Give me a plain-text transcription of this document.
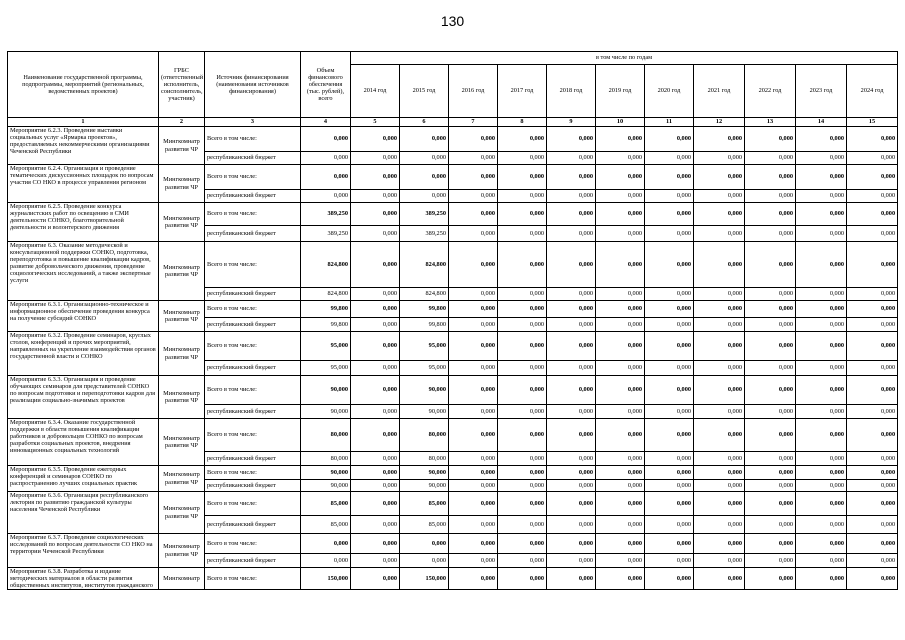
130
Наименование государственной программы, подпрограммы, мероприятий (региональных, ведомственных проектов)	ГРБС (ответственный исполнитель, соисполнитель, участник)	Источник финансирования (наименования источников финансирования)	Объем финансового обеспечения (тыс. рублей), всего	в том числе по годам										
				2014 год	2015 год	2016 год	2017 год	2018 год	2019 год	2020 год	2021 год	2022 год	2023 год	2024 год
1	2	3	4	5	6	7	8	9	10	11	12	13	14	15
Мероприятие 6.2.3. Проведение выставки социальных услуг «Ярмарка проектов», предоставляемых некоммерческими организациями Чеченской Республики	Мингкомнатр развития ЧР	Всего в том числе:	0,000	0,000	0,000	0,000	0,000	0,000	0,000	0,000	0,000	0,000	0,000	0,000
		республиканский бюджет	0,000	0,000	0,000	0,000	0,000	0,000	0,000	0,000	0,000	0,000	0,000	0,000
Мероприятие 6.2.4. Организация и проведение тематических дискуссионных площадок по вопросам участия СО НКО в процессе управления регионом	Мингкомнатр развития ЧР	Всего в том числе:	0,000	0,000	0,000	0,000	0,000	0,000	0,000	0,000	0,000	0,000	0,000	0,000
		республиканский бюджет	0,000	0,000	0,000	0,000	0,000	0,000	0,000	0,000	0,000	0,000	0,000	0,000
Мероприятие 6.2.5. Проведение конкурса журналистских работ по освещению в СМИ деятельности СОНКО, благотворительной деятельности и волонтерского движения	Мингкомнатр развития ЧР	Всего в том числе:	389,250	0,000	389,250	0,000	0,000	0,000	0,000	0,000	0,000	0,000	0,000	0,000
		республиканский бюджет	389,250	0,000	389,250	0,000	0,000	0,000	0,000	0,000	0,000	0,000	0,000	0,000
Мероприятие 6.3. Оказание методической и консультационной поддержки СОНКО, подготовка, переподготовка и повышение квалификации кадров, развитие добровольческого движения, проведение социологических исследований, а также экспертные услуги	Мингкомнатр развития ЧР	Всего в том числе:	824,800	0,000	824,800	0,000	0,000	0,000	0,000	0,000	0,000	0,000	0,000	0,000
		республиканский бюджет	824,800	0,000	824,800	0,000	0,000	0,000	0,000	0,000	0,000	0,000	0,000	0,000
Мероприятие 6.3.1. Организационно-техническое и информационное обеспечение проведения конкурса на получение субсидий СОНКО	Мингкомнатр развития ЧР	Всего в том числе:	99,800	0,000	99,800	0,000	0,000	0,000	0,000	0,000	0,000	0,000	0,000	0,000
		республиканский бюджет	99,800	0,000	99,800	0,000	0,000	0,000	0,000	0,000	0,000	0,000	0,000	0,000
Мероприятие 6.3.2. Проведение семинаров, круглых столов, конференций и прочих мероприятий, направленных на укрепление взаимодействия органов государственной власти и СОНКО	Мингкомнатр развития ЧР	Всего в том числе:	95,000	0,000	95,000	0,000	0,000	0,000	0,000	0,000	0,000	0,000	0,000	0,000
		республиканский бюджет	95,000	0,000	95,000	0,000	0,000	0,000	0,000	0,000	0,000	0,000	0,000	0,000
Мероприятие 6.3.3. Организация и проведение обучающих семинаров для представителей СОНКО по вопросам подготовки и переподготовки кадров для реализации социально-значимых проектов	Мингкомнатр развития ЧР	Всего в том числе:	90,000	0,000	90,000	0,000	0,000	0,000	0,000	0,000	0,000	0,000	0,000	0,000
		республиканский бюджет	90,000	0,000	90,000	0,000	0,000	0,000	0,000	0,000	0,000	0,000	0,000	0,000
Мероприятие 6.3.4. Оказание государственной поддержки в области повышения квалификации работников и добровольцев СОНКО по вопросам разработки социальных проектов, внедрения инновационных социальных технологий	Мингкомнатр развития ЧР	Всего в том числе:	80,000	0,000	80,000	0,000	0,000	0,000	0,000	0,000	0,000	0,000	0,000	0,000
		республиканский бюджет	80,000	0,000	80,000	0,000	0,000	0,000	0,000	0,000	0,000	0,000	0,000	0,000
Мероприятие 6.3.5. Проведение ежегодных конференций и семинаров СОНКО по распространению лучших социальных практик	Мингкомнатр развития ЧР	Всего в том числе:	90,000	0,000	90,000	0,000	0,000	0,000	0,000	0,000	0,000	0,000	0,000	0,000
		республиканский бюджет	90,000	0,000	90,000	0,000	0,000	0,000	0,000	0,000	0,000	0,000	0,000	0,000
Мероприятие 6.3.6. Организация республиканского лектория по развитию гражданской культуры населения Чеченской Республики	Мингкомнатр развития ЧР	Всего в том числе:	85,000	0,000	85,000	0,000	0,000	0,000	0,000	0,000	0,000	0,000	0,000	0,000
		республиканский бюджет	85,000	0,000	85,000	0,000	0,000	0,000	0,000	0,000	0,000	0,000	0,000	0,000
Мероприятие 6.3.7. Проведение социологических исследований по вопросам деятельности СО НКО на территории Чеченской Республики	Мингкомнатр развития ЧР	Всего в том числе:	0,000	0,000	0,000	0,000	0,000	0,000	0,000	0,000	0,000	0,000	0,000	0,000
		республиканский бюджет	0,000	0,000	0,000	0,000	0,000	0,000	0,000	0,000	0,000	0,000	0,000	0,000
Мероприятие 6.3.8. Разработка и издание методических материалов в области развития общественных институтов, институтов гражданского	Мингкомнатр	Всего в том числе:	150,000	0,000	150,000	0,000	0,000	0,000	0,000	0,000	0,000	0,000	0,000	0,000
